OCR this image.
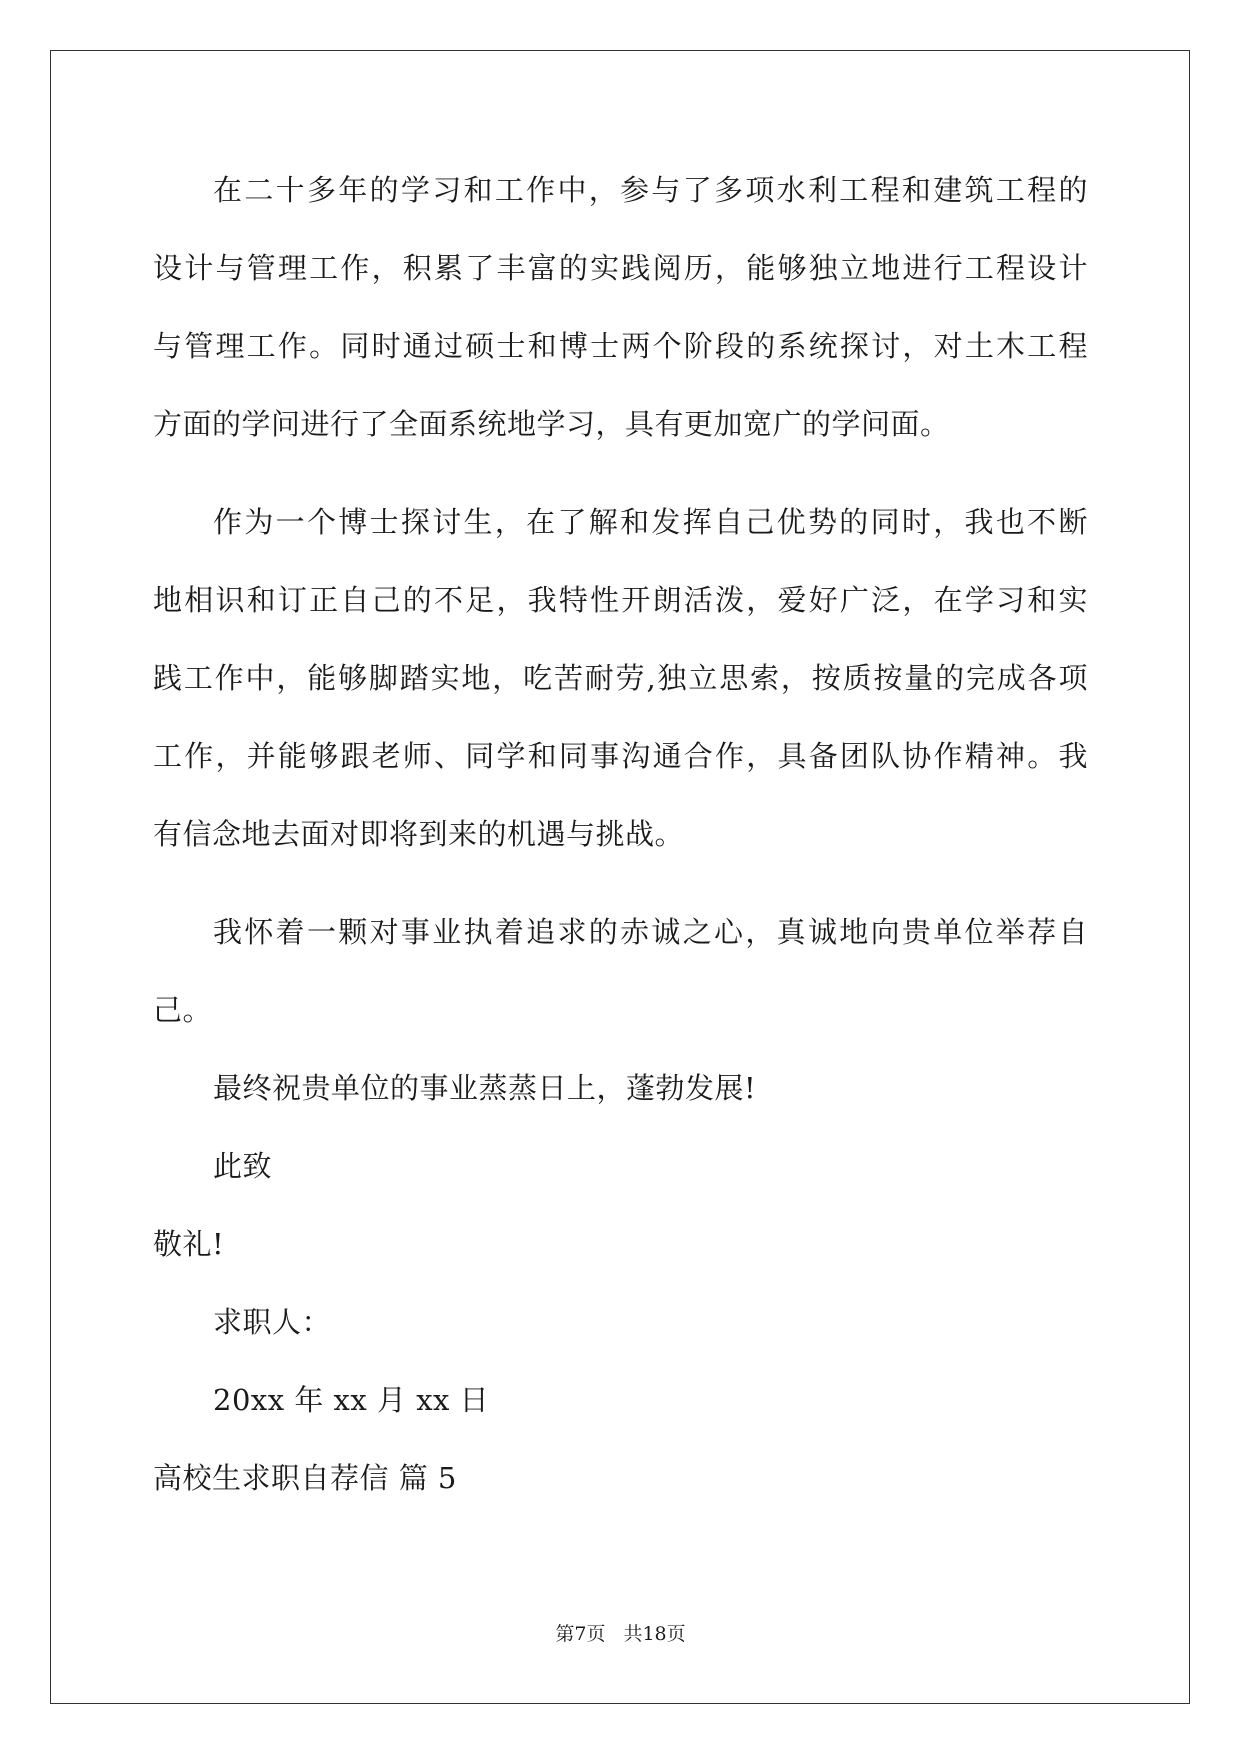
在二十多年的学习和工作中，参与了多项水利工程和建筑工程的
设计与管理工作，积累了丰富的实践阅历，能够独立地进行工程设计
与管理工作。同时通过硕士和博士两个阶段的系统探讨，对土木工程
方面的学问进行了全面系统地学习，具有更加宽广的学问面。
作为一个博士探讨生，在了解和发挥自己优势的同时，我也不断
地相识和订正自己的不足，我特性开朗活泼，爱好广泛，在学习和实
践工作中，能够脚踏实地，吃苦耐劳,独立思索，按质按量的完成各项
工作，并能够跟老师、同学和同事沟通合作，具备团队协作精神。我
有信念地去面对即将到来的机遇与挑战。
我怀着一颗对事业执着追求的赤诚之心，真诚地向贵单位举荐自
己。
最终祝贵单位的事业蒸蒸日上，蓬勃发展!
此致
敬礼!
求职人：
20xx 年 xx 月 xx 日
高校生求职自荐信 篇 5
第7页 共18页
